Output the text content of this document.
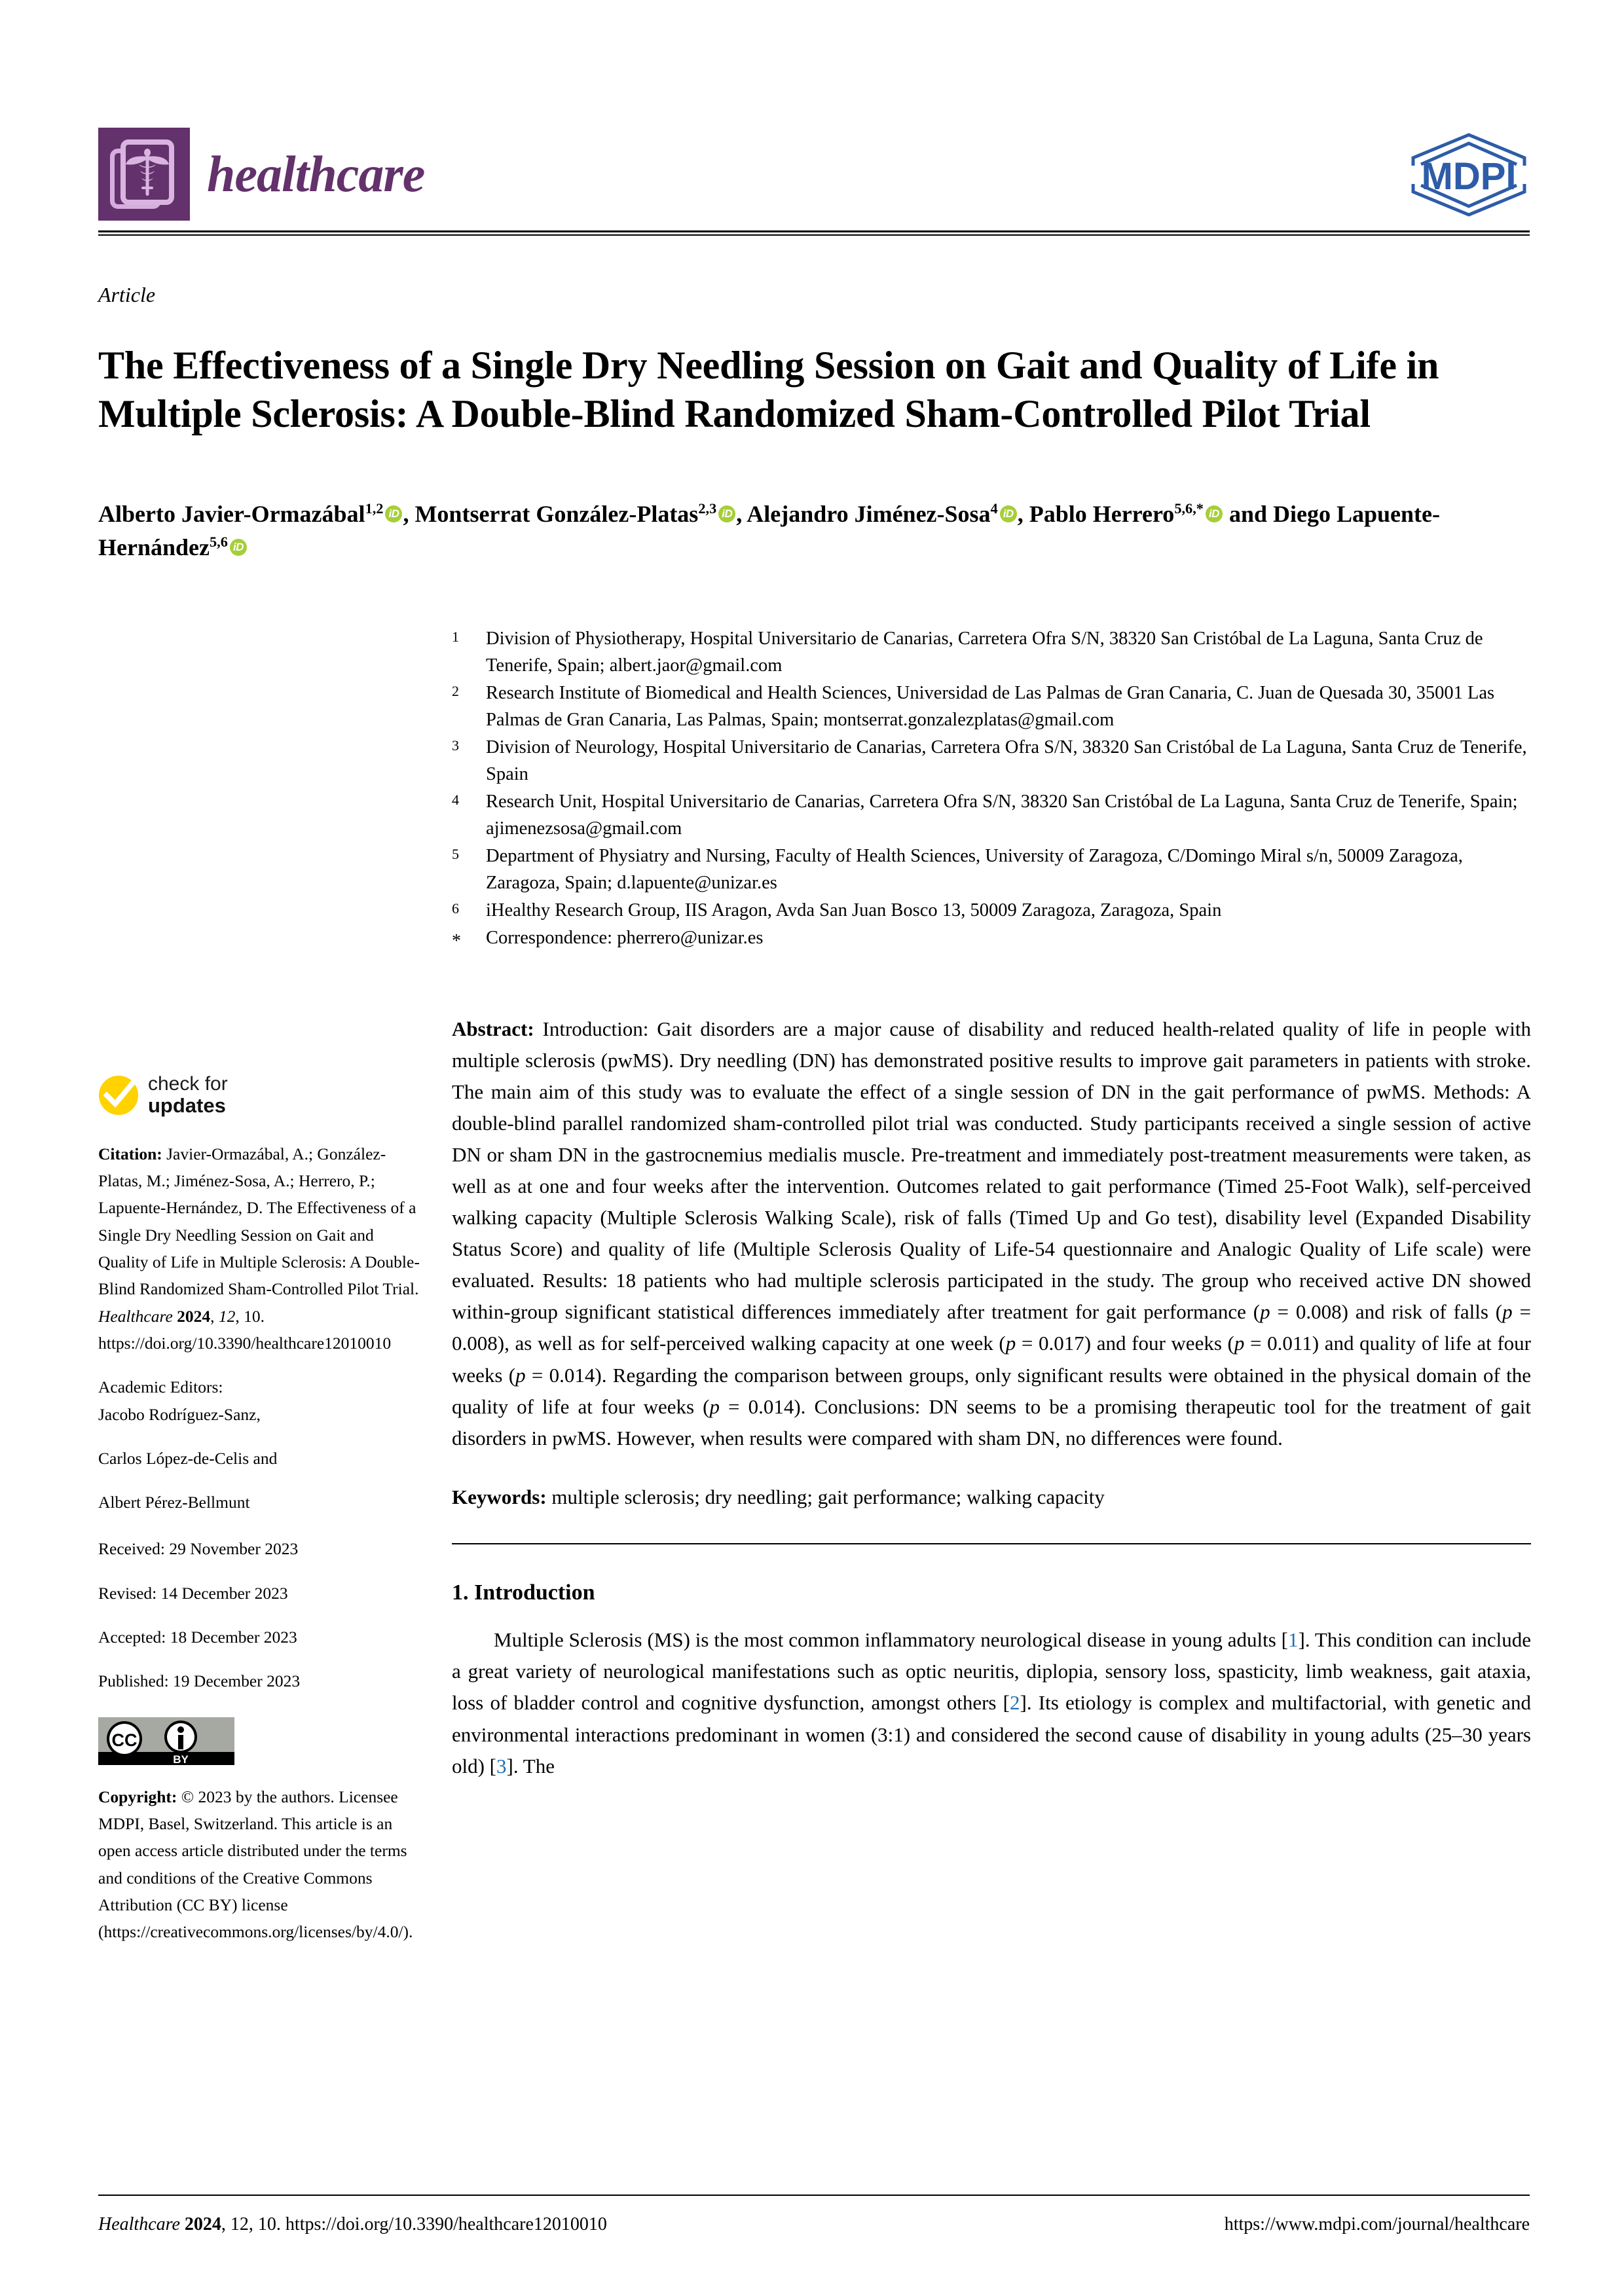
healthcare	MDPI
Article
The Effectiveness of a Single Dry Needling Session on Gait and Quality of Life in Multiple Sclerosis: A Double-Blind Randomized Sham-Controlled Pilot Trial
Alberto Javier-Ormazábal$^{1,2}$ iD , Montserrat González-Platas$^{2,3}$ iD , Alejandro Jiménez-Sosa$^4$ iD , Pablo Herrero$^{5,6,*}$ iD and Diego Lapuente-Hernández$^{5,6}$ iD
1	Division of Physiotherapy, Hospital Universitario de Canarias, Carretera Ofra S/N, 38320 San Cristóbal de La Laguna, Santa Cruz de Tenerife, Spain; albert.jaor@gmail.com
2	Research Institute of Biomedical and Health Sciences, Universidad de Las Palmas de Gran Canaria, C. Juan de Quesada 30, 35001 Las Palmas de Gran Canaria, Las Palmas, Spain; montserrat.gonzalezplatas@gmail.com
3	Division of Neurology, Hospital Universitario de Canarias, Carretera Ofra S/N, 38320 San Cristóbal de La Laguna, Santa Cruz de Tenerife, Spain
4	Research Unit, Hospital Universitario de Canarias, Carretera Ofra S/N, 38320 San Cristóbal de La Laguna, Santa Cruz de Tenerife, Spain; ajimenezsosa@gmail.com
5	Department of Physiatry and Nursing, Faculty of Health Sciences, University of Zaragoza, C/Domingo Miral s/n, 50009 Zaragoza, Zaragoza, Spain; d.lapuente@unizar.es
6	iHealthy Research Group, IIS Aragon, Avda San Juan Bosco 13, 50009 Zaragoza, Zaragoza, Spain
*	Correspondence: pherrero@unizar.es
check for
updates

Citation: Javier-Ormazábal, A.; González-Platas, M.; Jiménez-Sosa, A.; Herrero, P.; Lapuente-Hernández, D. The Effectiveness of a Single Dry Needling Session on Gait and Quality of Life in Multiple Sclerosis: A Double-Blind Randomized Sham-Controlled Pilot Trial. Healthcare 2024, 12, 10. https://doi.org/10.3390/healthcare12010010

Academic Editors:

Jacobo Rodríguez-Sanz,

Carlos López-de-Celis and

Albert Pérez-Bellmunt

Received: 29 November 2023

Revised: 14 December 2023

Accepted: 18 December 2023

Published: 19 December 2023

CC
BY

Copyright: © 2023 by the authors. Licensee MDPI, Basel, Switzerland. This article is an open access article distributed under the terms and conditions of the Creative Commons Attribution (CC BY) license (https://creativecommons.org/licenses/by/4.0/).

Abstract: Introduction: Gait disorders are a major cause of disability and reduced health-related quality of life in people with multiple sclerosis (pwMS). Dry needling (DN) has demonstrated positive results to improve gait parameters in patients with stroke. The main aim of this study was to evaluate the effect of a single session of DN in the gait performance of pwMS. Methods: A double-blind parallel randomized sham-controlled pilot trial was conducted. Study participants received a single session of active DN or sham DN in the gastrocnemius medialis muscle. Pre-treatment and immediately post-treatment measurements were taken, as well as at one and four weeks after the intervention. Outcomes related to gait performance (Timed 25-Foot Walk), self-perceived walking capacity (Multiple Sclerosis Walking Scale), risk of falls (Timed Up and Go test), disability level (Expanded Disability Status Score) and quality of life (Multiple Sclerosis Quality of Life-54 questionnaire and Analogic Quality of Life scale) were evaluated. Results: 18 patients who had multiple sclerosis participated in the study. The group who received active DN showed within-group significant statistical differences immediately after treatment for gait performance (p = 0.008) and risk of falls (p = 0.008), as well as for self-perceived walking capacity at one week (p = 0.017) and four weeks (p = 0.011) and quality of life at four weeks (p = 0.014). Regarding the comparison between groups, only significant results were obtained in the physical domain of the quality of life at four weeks (p = 0.014). Conclusions: DN seems to be a promising therapeutic tool for the treatment of gait disorders in pwMS. However, when results were compared with sham DN, no differences were found.

Keywords: multiple sclerosis; dry needling; gait performance; walking capacity

1. Introduction

Multiple Sclerosis (MS) is the most common inflammatory neurological disease in young adults [1]. This condition can include a great variety of neurological manifestations such as optic neuritis, diplopia, sensory loss, spasticity, limb weakness, gait ataxia, loss of bladder control and cognitive dysfunction, amongst others [2]. Its etiology is complex and multifactorial, with genetic and environmental interactions predominant in women (3:1) and considered the second cause of disability in young adults (25–30 years old) [3]. The

Healthcare 2024, 12, 10. https://doi.org/10.3390/healthcare12010010	https://www.mdpi.com/journal/healthcare
